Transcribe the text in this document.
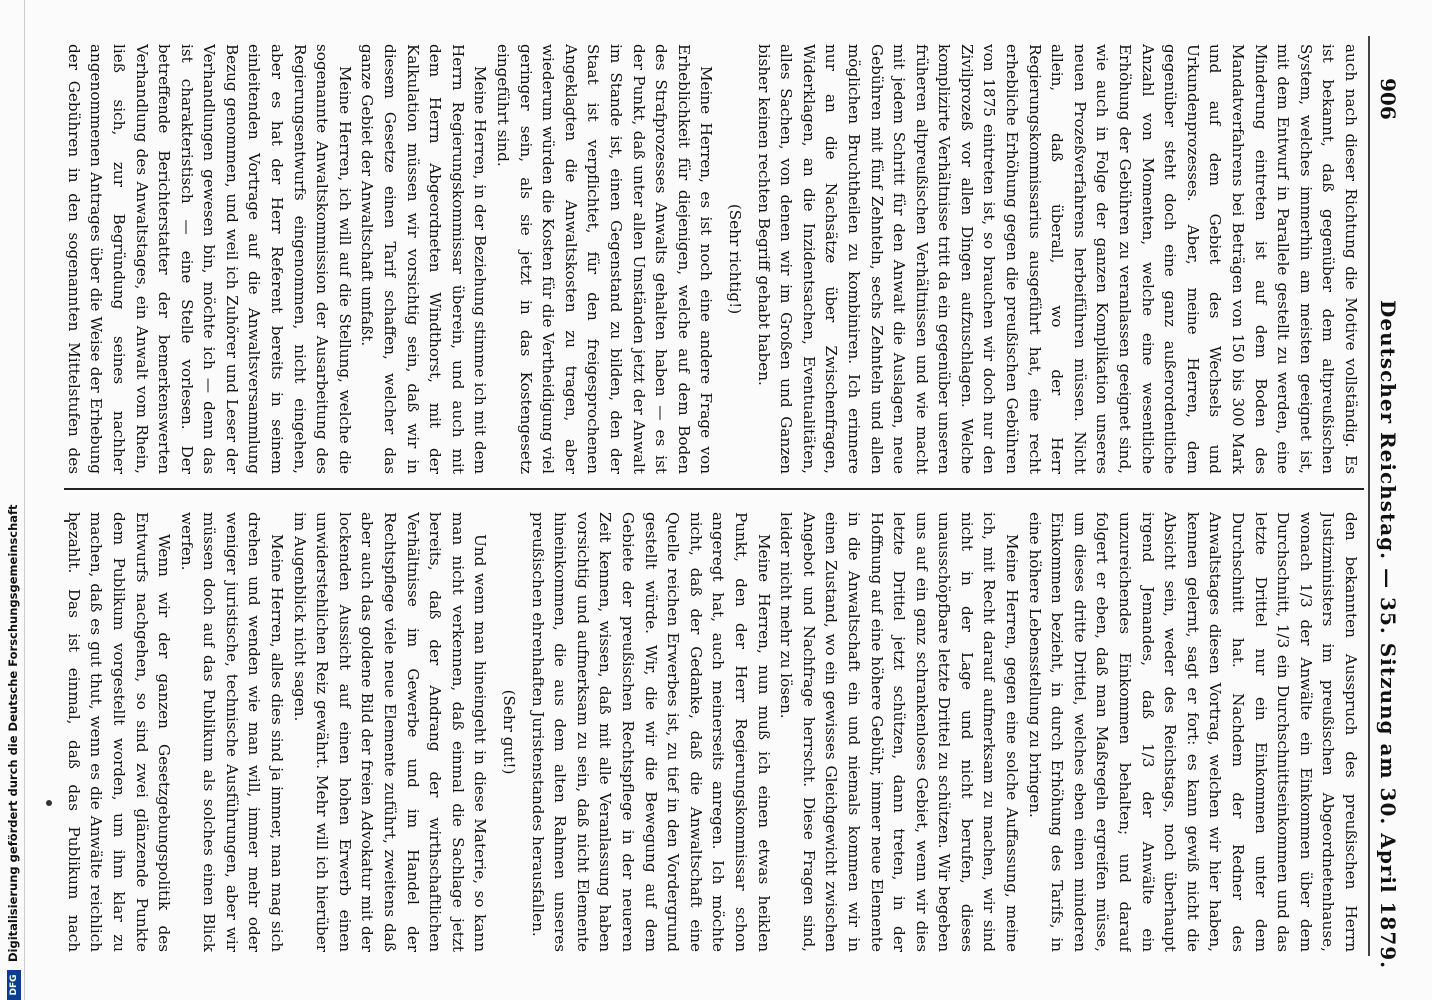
DFGDigitalisierung gefördert durch die Deutsche Forschungsgemeinschaft
906
Deutscher Reichstag. — 35. Sitzung am 30. April 1879.

auch nach dieser Richtung die Motive vollständig. Es ist bekannt, daß gegenüber dem altpreußischen System, welches immerhin am meisten geeignet ist, mit dem Entwurf in Parallele gestellt zu werden, eine Minderung eintreten ist auf dem Boden des Mandatverfahrens bei Beträgen von 150 bis 300 Mark und auf dem Gebiet des Wechsels und Urkundenprozesses. Aber, meine Herren, dem gegenüber steht doch eine ganz außerordentliche Anzahl von Momenten, welche eine wesentliche Erhöhung der Gebühren zu veranlassen geeignet sind, wie auch in Folge der ganzen Komplikation unseres neuen Prozeßverfahrens herbeiführen müssen. Nicht allein, daß überall, wo der Herr Regierungskommissarius ausgeführt hat, eine recht erhebliche Erhöhung gegen die preußischen Gebühren von 1875 eintreten ist, so brauchen wir doch nur den Zivilprozeß vor allen Dingen aufzuschlagen. Welche komplizirte Verhältnisse tritt da ein gegenüber unseren früheren altpreußischen Verhältnissen und wie macht mit jedem Schritt für den Anwalt die Auslagen, neue Gebühren mit fünf Zehnteln, sechs Zehnteln und allen möglichen Bruchtheilen zu kombiniren. Ich erinnere nur an die Nachsätze über Zwischenfragen, Widerklagen, an die Inzidentsachen, Eventualitäten, alles Sachen, von denen wir im Großen und Ganzen bisher keinen rechten Begriff gehabt haben.

(Sehr richtig!)

Meine Herren, es ist noch eine andere Frage von Erheblichkeit für diejenigen, welche auf dem Boden des Strafprozesses Anwalts gehalten haben — es ist der Punkt, daß unter allen Umständen jetzt der Anwalt im Stande ist, einen Gegenstand zu bilden, den der Staat ist verpflichtet, für den freigesprochenen Angeklagten die Anwaltskosten zu tragen, aber wiederum würden die Kosten für die Vertheidigung viel geringer sein, als sie jetzt in das Kostengesetz eingeführt sind.

Meine Herren, in der Beziehung stimme ich mit dem Herrn Regierungskommissar überein, und auch mit dem Herrn Abgeordneten Windthorst, mit der Kalkulation müssen wir vorsichtig sein, daß wir in diesem Gesetze einen Tarif schaffen, welcher das ganze Gebiet der Anwaltschaft umfaßt.

Meine Herren, ich will auf die Stellung, welche die sogenannte Anwaltskommission der Ausarbeitung des Regierungsentwurfs eingenommen, nicht eingehen, aber es hat der Herr Referent bereits in seinem einleitenden Vortrage auf die Anwaltsversammlung Bezug genommen, und weil ich Zuhörer und Leser der Verhandlungen gewesen bin, möchte ich — denn das ist charakteristisch — eine Stelle vorlesen. Der betreffende Berichterstatter der bemerkenswerten Verhandlung des Anwaltstages, ein Anwalt vom Rhein, ließ sich, zur Begründung seines nachher angenommenen Antrages über die Weise der Erhebung der Gebühren in den sogenannten Mittelstufen des

den bekannten Ausspruch des preußischen Herrn Justizministers im preußischen Abgeordnetenhause, wonach 1/3 der Anwälte ein Einkommen über dem Durchschnitt, 1/3 ein Durchschnittseinkommen und das letzte Drittel nur ein Einkommen unter dem Durchschnitt hat. Nachdem der Redner des Anwaltstages diesen Vortrag, welchen wir hier haben, kennen gelernt, sagt er fort: es kann gewiß nicht die Absicht sein, weder des Reichstags, noch überhaupt irgend Jemandes, daß 1/3 der Anwälte ein unzureichendes Einkommen behalten; und darauf folgert er eben, daß man Maßregeln ergreifen müsse, um dieses dritte Drittel, welches eben einen minderen Einkommen bezieht, in durch Erhöhung des Tarifs, in eine höhere Lebensstellung zu bringen.

Meine Herren, gegen eine solche Auffassung, meine ich, mit Recht darauf aufmerksam zu machen, wir sind nicht in der Lage und nicht berufen, dieses unausschöpfbare letzte Drittel zu schützen. Wir begeben uns auf ein ganz schrankenloses Gebiet, wenn wir dies letzte Drittel jetzt schützen, dann treten, in der Hoffnung auf eine höhere Gebühr, immer neue Elemente in die Anwaltschaft ein und niemals kommen wir in einen Zustand, wo ein gewisses Gleichgewicht zwischen Angebot und Nachfrage herrscht. Diese Fragen sind, leider nicht mehr zu lösen.

Meine Herren, nun muß ich einen etwas heiklen Punkt, den der Herr Regierungskommissar schon angeregt hat, auch meinerseits anregen. Ich möchte nicht, daß der Gedanke, daß die Anwaltschaft eine Quelle reichen Erwerbes ist, zu tief in den Vordergrund gestellt würde. Wir, die wir die Bewegung auf dem Gebiete der preußischen Rechtspflege in der neueren Zeit kennen, wissen, daß mit alle Veranlassung haben vorsichtig und aufmerksam zu sein, daß nicht Elemente hineinkommen, die aus dem alten Rahmen unseres preußischen ehrenhaften Juristenstandes herausfallen.

(Sehr gut!)

Und wenn man hineingeht in diese Materie, so kann man nicht verkennen, daß einmal die Sachlage jetzt bereits, daß der Andrang der wirthschaftlichen Verhältnisse im Gewerbe und im Handel der Rechtspflege viele neue Elemente zuführt, zweitens daß aber auch das goldene Bild der freien Advokatur mit der lockenden Aussicht auf einen hohen Erwerb einen unwiderstehlichen Reiz gewährt. Mehr will ich hierüber im Augenblick nicht sagen.

Meine Herren, alles dies sind ja immer, man mag sich drehen und wenden wie man will, immer mehr oder weniger juristische, technische Ausführungen, aber wir müssen doch auf das Publikum als solches einen Blick werfen.

Wenn wir der ganzen Gesetzgebungspolitik des Entwurfs nachgehen, so sind zwei glänzende Punkte dem Publikum vorgestellt worden, um ihm klar zu machen, daß es gut thut, wenn es die Anwälte reichlich bezahlt. Das ist einmal, daß das Publikum nach
